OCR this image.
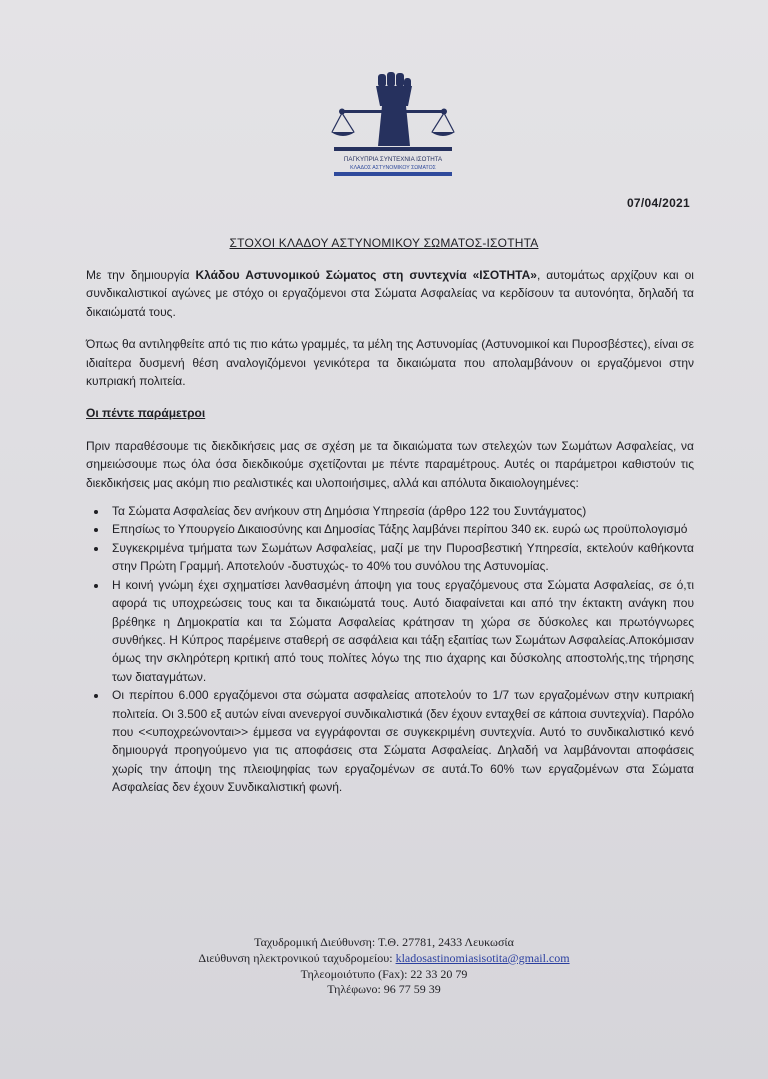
ΠΑΓΚΥΠΡΙΑ ΣΥΝΤΕΧΝΙΑ ΙΣΟΤΗΤΑ
ΚΛΑΔΟΣ ΑΣΤΥΝΟΜΙΚΟΥ ΣΩΜΑΤΟΣ
07/04/2021
ΣΤΟΧΟΙ ΚΛΑΔΟΥ ΑΣΤΥΝΟΜΙΚΟΥ ΣΩΜΑΤΟΣ-ΙΣΟΤΗΤΑ

Με την δημιουργία Κλάδου Αστυνομικού Σώματος στη συντεχνία «ΙΣΟΤΗΤΑ», αυτομάτως αρχίζουν και οι συνδικαλιστικοί αγώνες με στόχο οι εργαζόμενοι στα Σώματα Ασφαλείας να κερδίσουν τα αυτονόητα, δηλαδή τα δικαιώματά τους.

Όπως θα αντιληφθείτε από τις πιο κάτω γραμμές, τα μέλη της Αστυνομίας (Αστυνομικοί και Πυροσβέστες), είναι σε ιδιαίτερα δυσμενή θέση αναλογιζόμενοι γενικότερα τα δικαιώματα που απολαμβάνουν οι εργαζόμενοι στην κυπριακή πολιτεία.

Οι πέντε παράμετροι

Πριν παραθέσουμε τις διεκδικήσεις μας σε σχέση με τα δικαιώματα των στελεχών των Σωμάτων Ασφαλείας, να σημειώσουμε πως όλα όσα διεκδικούμε σχετίζονται με πέντε παραμέτρους. Αυτές οι παράμετροι καθιστούν τις διεκδικήσεις μας ακόμη πιο ρεαλιστικές και υλοποιήσιμες, αλλά και απόλυτα δικαιολογημένες:

• Τα Σώματα Ασφαλείας δεν ανήκουν στη Δημόσια Υπηρεσία (άρθρο 122 του Συντάγματος)
• Επησίως το Υπουργείο Δικαιοσύνης και Δημοσίας Τάξης λαμβάνει περίπου 340 εκ. ευρώ ως προϋπολογισμό
• Συγκεκριμένα τμήματα των Σωμάτων Ασφαλείας, μαζί με την Πυροσβεστική Υπηρεσία, εκτελούν καθήκοντα στην Πρώτη Γραμμή. Αποτελούν -δυστυχώς- το 40% του συνόλου της Αστυνομίας.
• Η κοινή γνώμη έχει σχηματίσει λανθασμένη άποψη για τους εργαζόμενους στα Σώματα Ασφαλείας, σε ό,τι αφορά τις υποχρεώσεις τους και τα δικαιώματά τους. Αυτό διαφαίνεται και από την έκτακτη ανάγκη που βρέθηκε η Δημοκρατία και τα Σώματα Ασφαλείας κράτησαν τη χώρα σε δύσκολες και πρωτόγνωρες συνθήκες. Η Κύπρος παρέμεινε σταθερή σε ασφάλεια και τάξη εξαιτίας των Σωμάτων Ασφαλείας.Αποκόμισαν όμως την σκληρότερη κριτική από τους πολίτες λόγω της πιο άχαρης και δύσκολης αποστολής,της τήρησης των διαταγμάτων.
• Οι περίπου 6.000 εργαζόμενοι στα σώματα ασφαλείας αποτελούν το 1/7 των εργαζομένων στην κυπριακή πολιτεία. Οι 3.500 εξ αυτών είναι ανενεργοί συνδικαλιστικά (δεν έχουν ενταχθεί σε κάποια συντεχνία). Παρόλο που <<υποχρεώνονται>> έμμεσα να εγγράφονται σε συγκεκριμένη συντεχνία. Αυτό το συνδικαλιστικό κενό δημιουργά προηγούμενο για τις αποφάσεις στα Σώματα Ασφαλείας. Δηλαδή να λαμβάνονται αποφάσεις χωρίς την άποψη της πλειοψηφίας των εργαζομένων σε αυτά.Το 60% των εργαζομένων στα Σώματα Ασφαλείας δεν έχουν Συνδικαλιστική φωνή.
Ταχυδρομική Διεύθυνση: Τ.Θ. 27781, 2433 Λευκωσία
Διεύθυνση ηλεκτρονικού ταχυδρομείου: kladosastinomiasisotita@gmail.com
Τηλεομοιότυπο (Fax): 22 33 20 79
Τηλέφωνο: 96 77 59 39
